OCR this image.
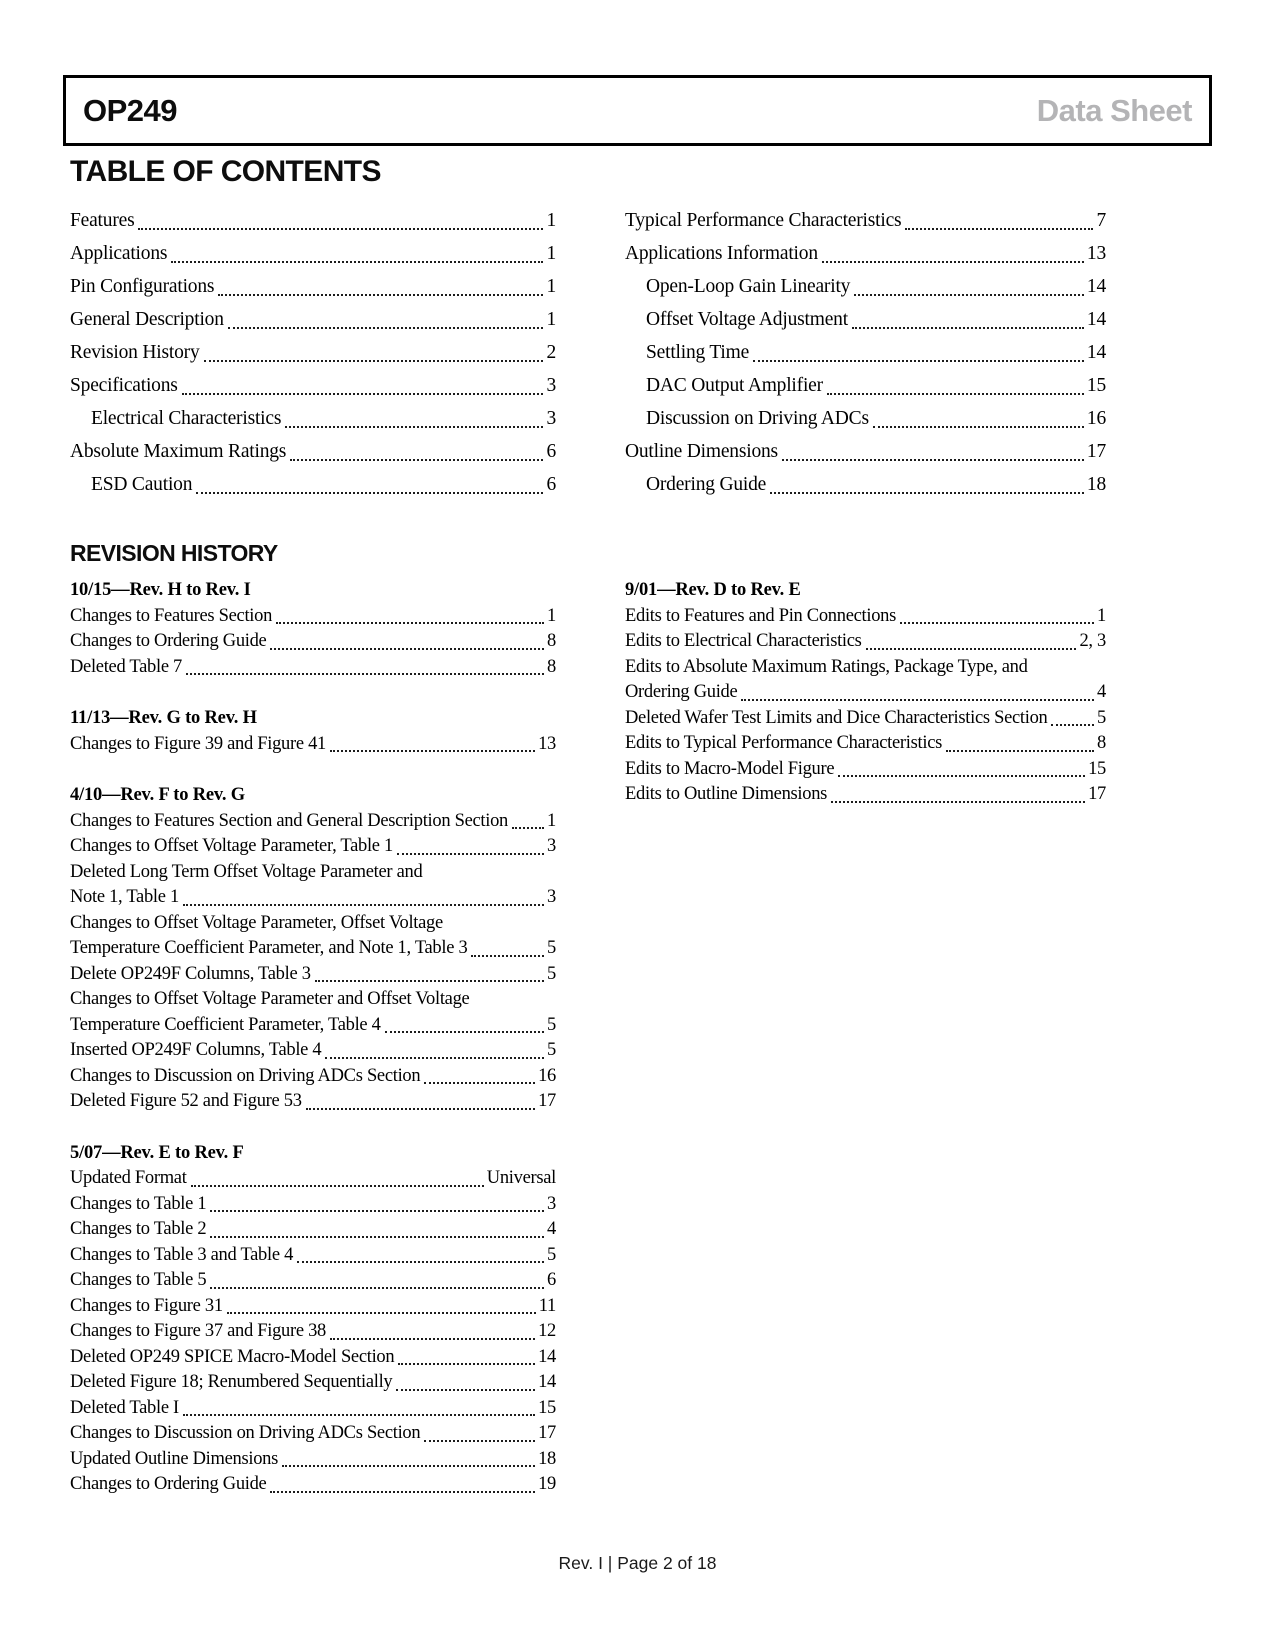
OP249	Data Sheet
TABLE OF CONTENTS
Features	1
Applications	1
Pin Configurations	1
General Description	1
Revision History	2
Specifications	3
Electrical Characteristics	3
Absolute Maximum Ratings	6
ESD Caution	6
Typical Performance Characteristics	7
Applications Information	13
Open-Loop Gain Linearity	14
Offset Voltage Adjustment	14
Settling Time	14
DAC Output Amplifier	15
Discussion on Driving ADCs	16
Outline Dimensions	17
Ordering Guide	18
REVISION HISTORY
10/15—Rev. H to Rev. I
Changes to Features Section	1
Changes to Ordering Guide	8
Deleted Table 7	8
11/13—Rev. G to Rev. H
Changes to Figure 39 and Figure 41	13
4/10—Rev. F to Rev. G
Changes to Features Section and General Description Section 1
Changes to Offset Voltage Parameter, Table 1	3
Deleted Long Term Offset Voltage Parameter and
Note 1, Table 1	3
Changes to Offset Voltage Parameter, Offset Voltage
Temperature Coefficient Parameter, and Note 1, Table 3	5
Delete OP249F Columns, Table 3	5
Changes to Offset Voltage Parameter and Offset Voltage
Temperature Coefficient Parameter, Table 4	5
Inserted OP249F Columns, Table 4	5
Changes to Discussion on Driving ADCs Section	16
Deleted Figure 52 and Figure 53	17
5/07—Rev. E to Rev. F
Updated Format	Universal
Changes to Table 1	3
Changes to Table 2	4
Changes to Table 3 and Table 4	5
Changes to Table 5	6
Changes to Figure 31	11
Changes to Figure 37 and Figure 38	12
Deleted OP249 SPICE Macro-Model Section	14
Deleted Figure 18; Renumbered Sequentially	14
Deleted Table I	15
Changes to Discussion on Driving ADCs Section	17
Updated Outline Dimensions	18
Changes to Ordering Guide	19
9/01—Rev. D to Rev. E
Edits to Features and Pin Connections	1
Edits to Electrical Characteristics	2, 3
Edits to Absolute Maximum Ratings, Package Type, and
Ordering Guide	4
Deleted Wafer Test Limits and Dice Characteristics Section	5
Edits to Typical Performance Characteristics	8
Edits to Macro-Model Figure	15
Edits to Outline Dimensions	17
Rev. I | Page 2 of 18
